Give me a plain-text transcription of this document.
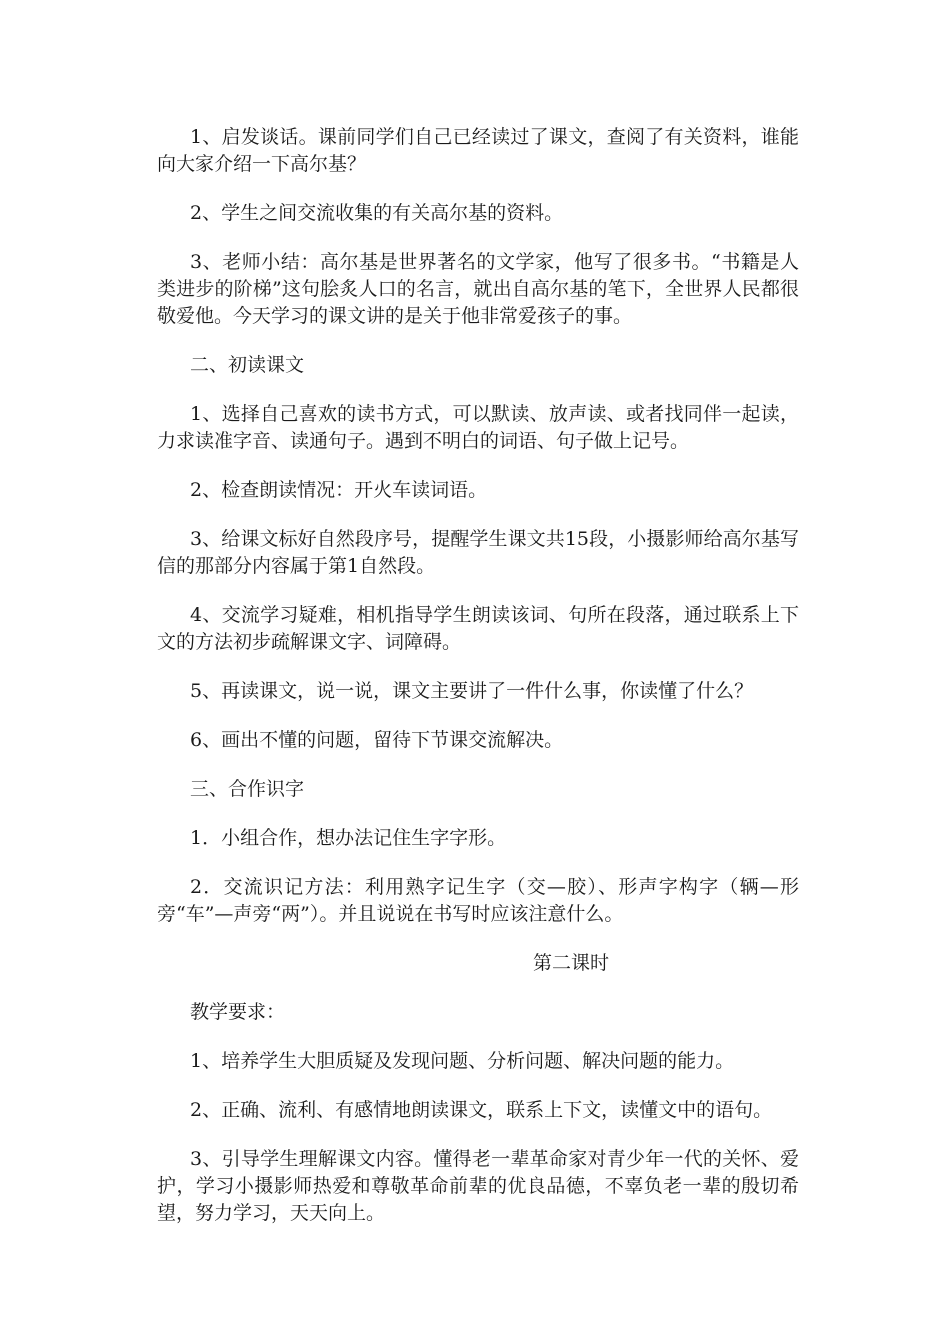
1、启发谈话。课前同学们自己已经读过了课文，查阅了有关资料，谁能向大家介绍一下高尔基？

2、学生之间交流收集的有关高尔基的资料。

3、老师小结：高尔基是世界著名的文学家，他写了很多书。“书籍是人类进步的阶梯”这句脍炙人口的名言，就出自高尔基的笔下，全世界人民都很敬爱他。今天学习的课文讲的是关于他非常爱孩子的事。

二、初读课文

1、选择自己喜欢的读书方式，可以默读、放声读、或者找同伴一起读，力求读准字音、读通句子。遇到不明白的词语、句子做上记号。

2、检查朗读情况：开火车读词语。

3、给课文标好自然段序号，提醒学生课文共15段，小摄影师给高尔基写信的那部分内容属于第1自然段。

4、交流学习疑难，相机指导学生朗读该词、句所在段落，通过联系上下文的方法初步疏解课文字、词障碍。

5、再读课文，说一说，课文主要讲了一件什么事，你读懂了什么？

6、画出不懂的问题，留待下节课交流解决。

三、合作识字

1．小组合作，想办法记住生字字形。

2．交流识记方法：利用熟字记生字（交—胶）、形声字构字（辆—形旁“车”—声旁“两”）。并且说说在书写时应该注意什么。

第二课时

教学要求：

1、培养学生大胆质疑及发现问题、分析问题、解决问题的能力。

2、正确、流利、有感情地朗读课文，联系上下文，读懂文中的语句。

3、引导学生理解课文内容。懂得老一辈革命家对青少年一代的关怀、爱护，学习小摄影师热爱和尊敬革命前辈的优良品德，不辜负老一辈的殷切希望，努力学习，天天向上。
